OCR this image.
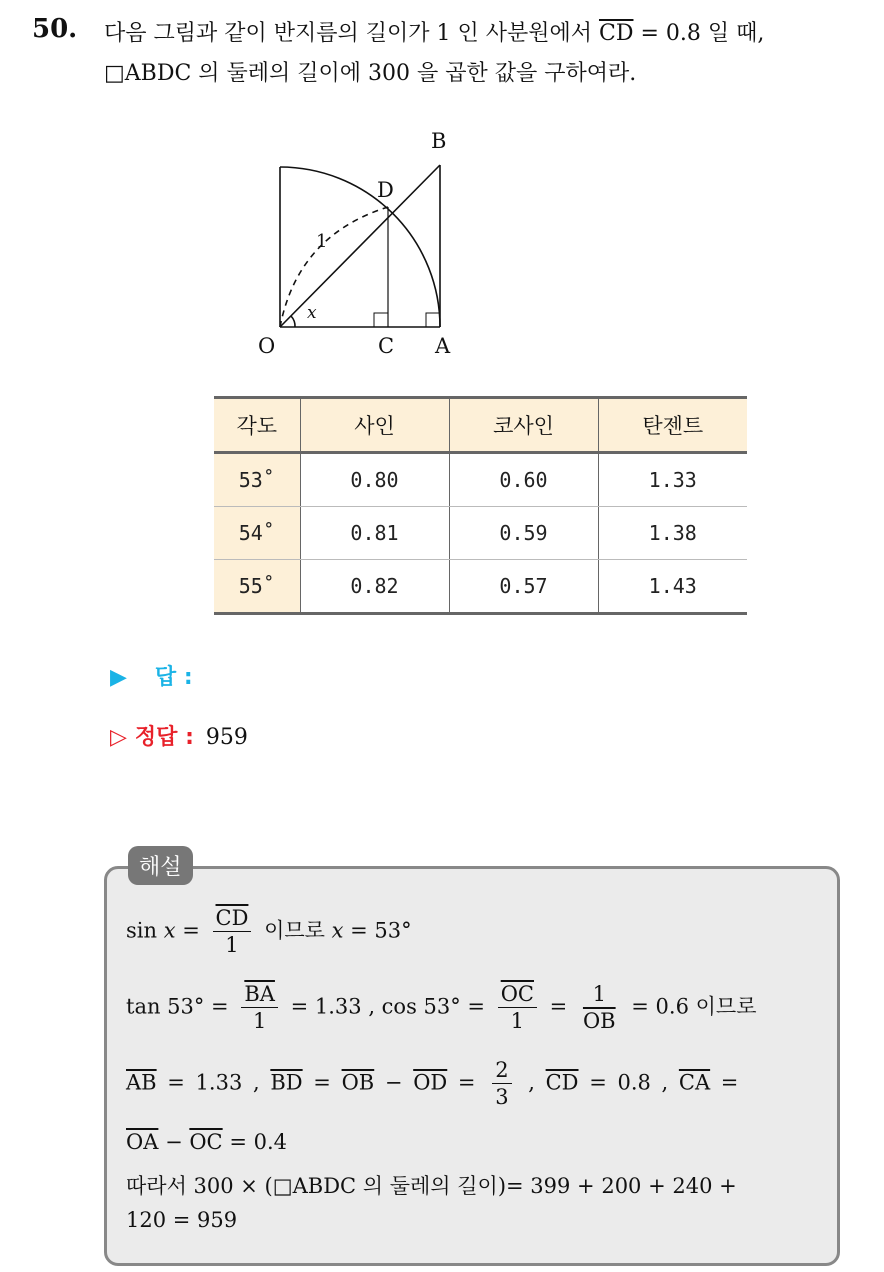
50. 다음 그림과 같이 반지름의 길이가 1 인 사분원에서 $\overline{CD} = 0.8$ 일 때,
□ABDC 의 둘레의 길이에 300 을 곱한 값을 구하여라.
B
D
1
x
O	C A
각도	사인	코사인	탄젠트
53˚	0.80	0.60	1.33
54˚	0.81	0.59	1.38
55˚	0.82	0.57	1.43
▶ 답 :
▷ 정답 : 959
해설
$\sin x = \frac{\overline{CD}}{1}$ 이므로 x = 53°
$\tan 53^\circ = \frac{\overline{BA}}{1} = 1.33$ , $\cos 53^\circ = \frac{\overline{OC}}{1} = \frac{1}{OB} = 0.6$ 이므로
$\overline{AB} = 1.33$ , $\overline{BD} = \overline{OB} - \overline{OD} = \frac{2}{3}$ , $\overline{CD} = 0.8$ , $\overline{CA}$ =
$\overline{OA} - \overline{OC} = 0.4$
따라서 300 × (□ABDC 의 둘레의 길이)= 399 + 200 + 240 +
120 = 959
